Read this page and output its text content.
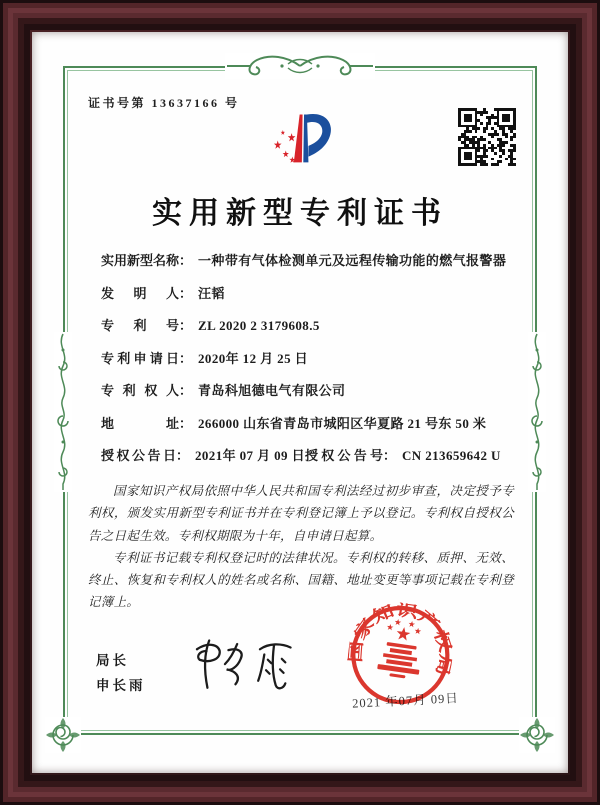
证书号第 13637166 号
实用新型专利证书
实用新型名称 ： 一种带有气体检测单元及远程传输功能的燃气报警器
发明人 ： 汪韬
专利号 ： ZL 2020 2 3179608.5
专利申请日 ： 2020年 12 月 25 日
专利权人 ： 青岛科旭德电气有限公司
地址 ： 266000 山东省青岛市城阳区华夏路 21 号东 50 米
授权公告日 ： 2021年 07 月 09 日 授权公告号 ： CN 213659642 U

国家知识产权局依照中华人民共和国专利法经过初步审查，决定授予专利权，颁发实用新型专利证书并在专利登记簿上予以登记。专利权自授权公告之日起生效。专利权期限为十年，自申请日起算。

专利证书记载专利权登记时的法律状况。专利权的转移、质押、无效、终止、恢复和专利权人的姓名或名称、国籍、地址变更等事项记载在专利登记簿上。

局长
申长雨
2021 年07月 09日
国家知识产权局
